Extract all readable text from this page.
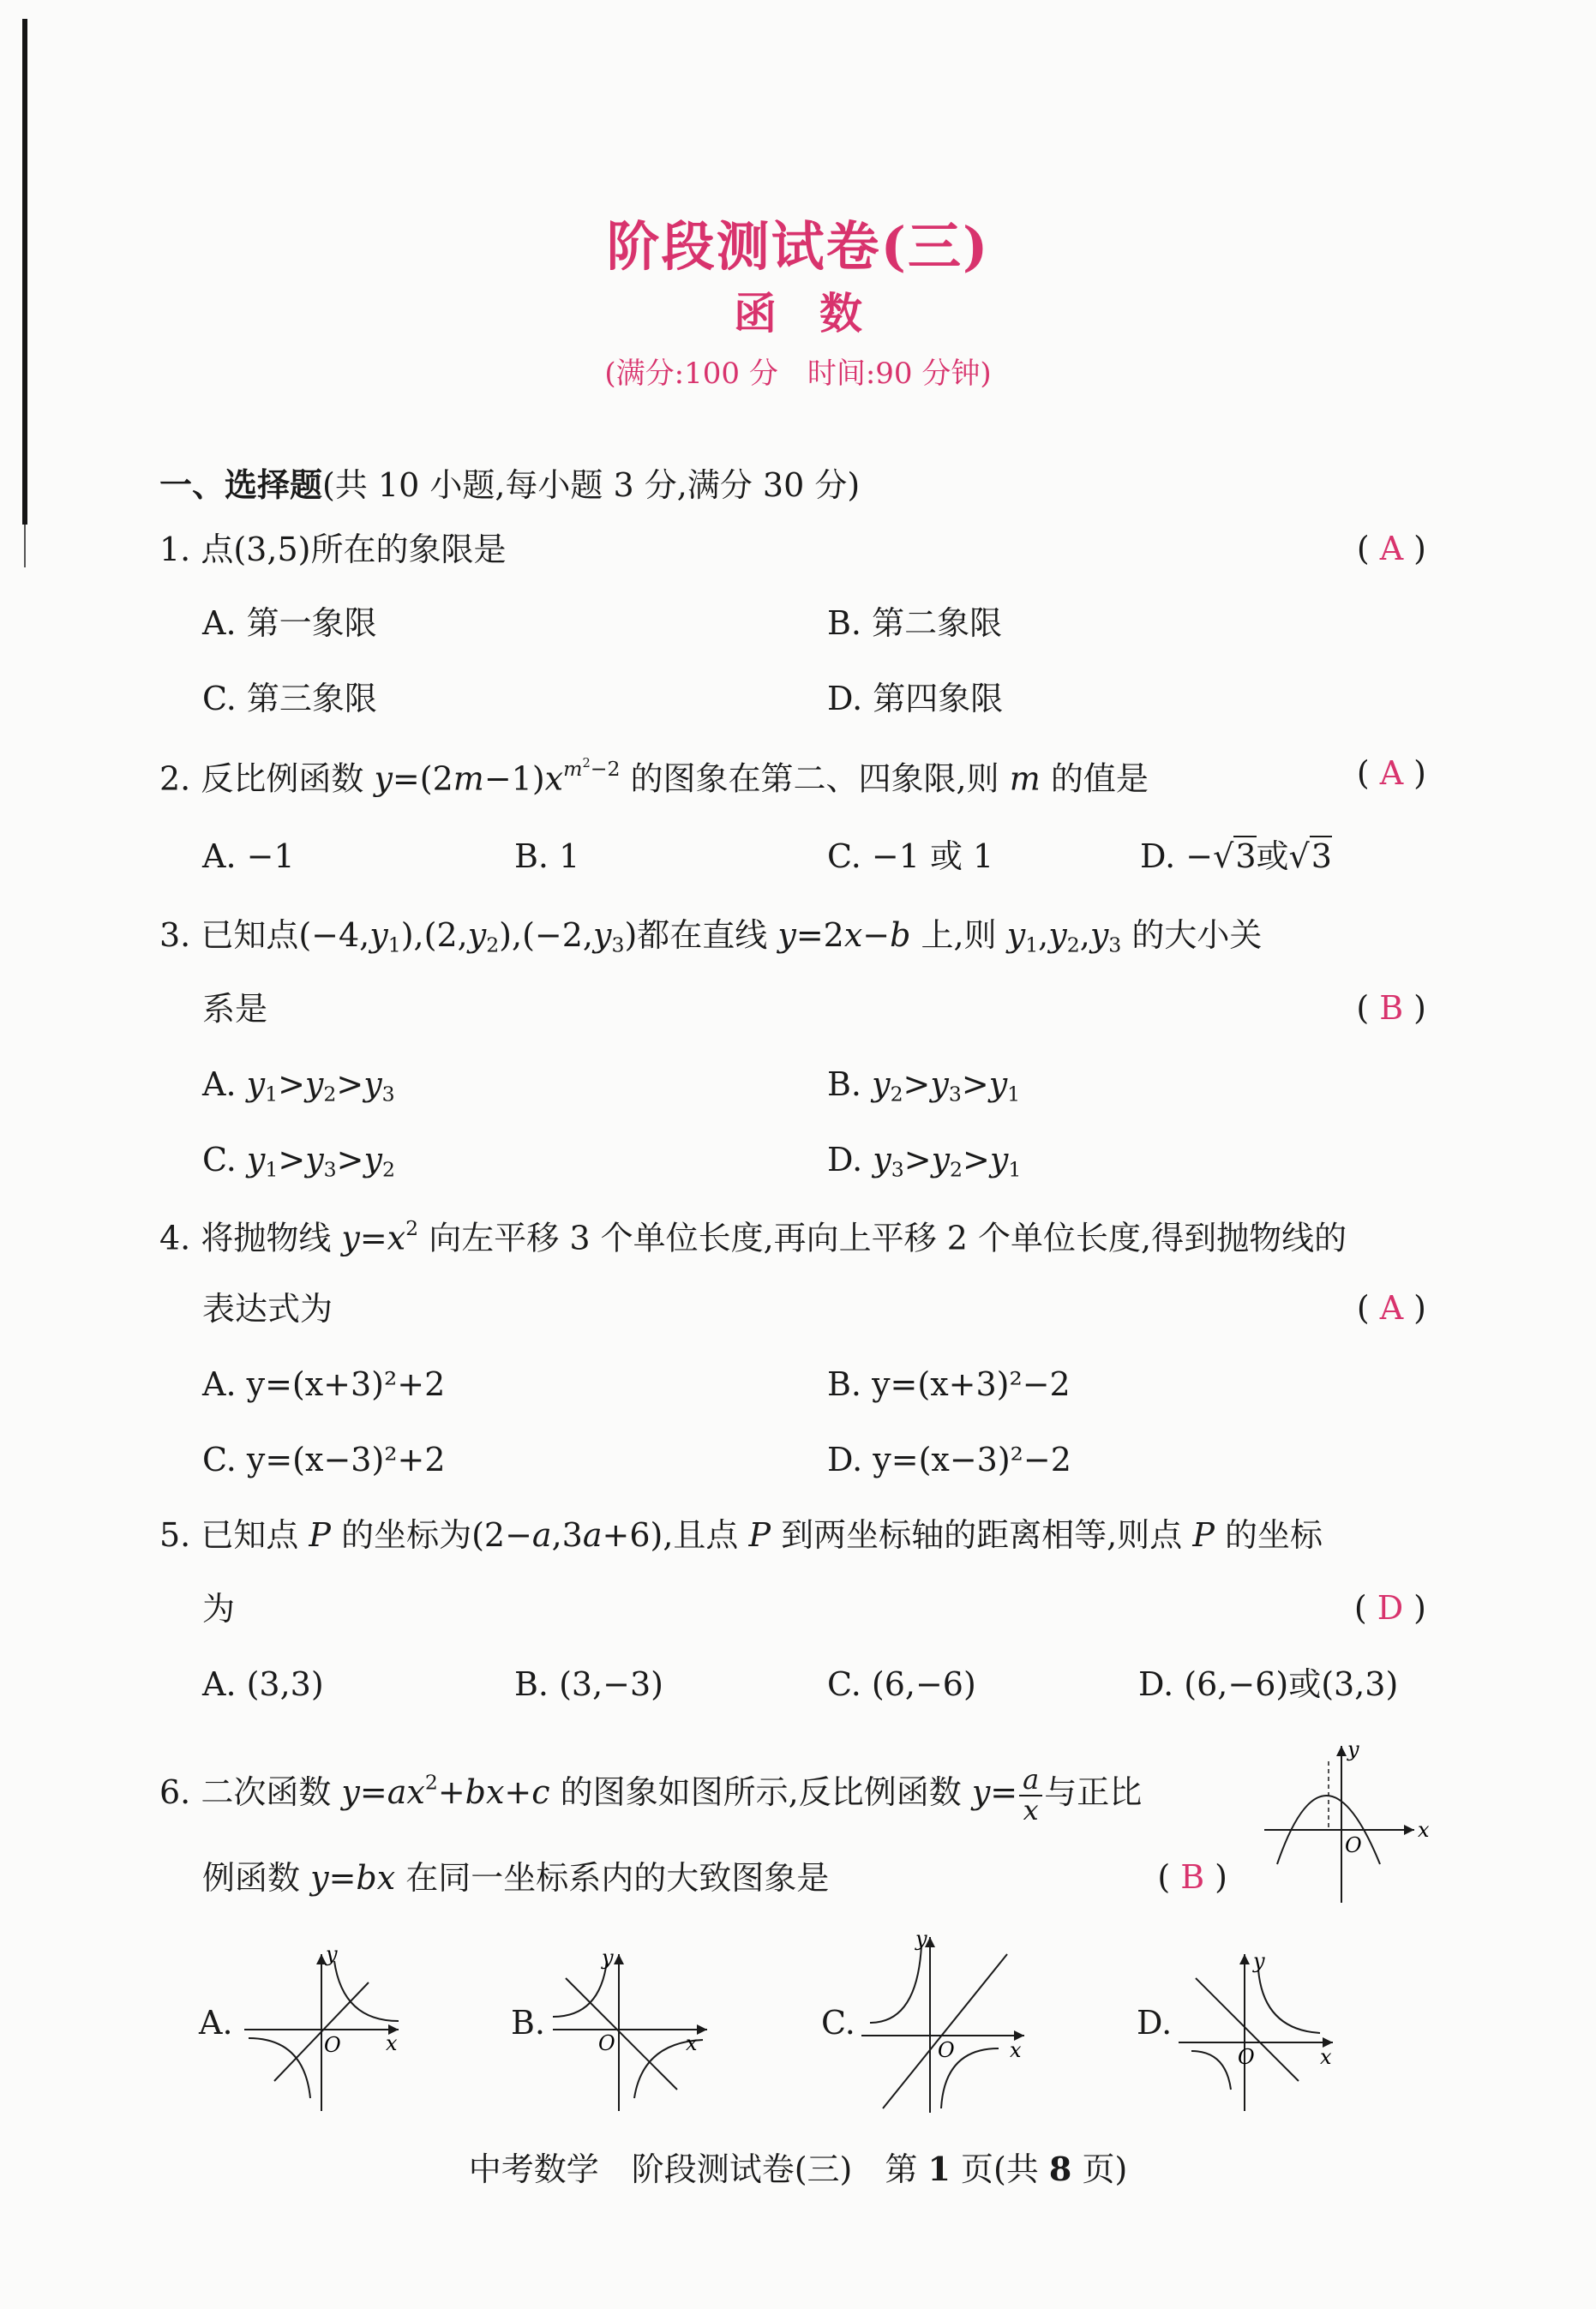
阶段测试卷(三)
函　数
(满分:100 分　时间:90 分钟)
一、选择题(共 10 小题,每小题 3 分,满分 30 分)
1. 点(3,5)所在的象限是	( A )
A. 第一象限	B. 第二象限
C. 第三象限	D. 第四象限
2. 反比例函数 $y=(2m-1)x^{m^2-2}$ 的图象在第二、四象限,则 m 的值是	( A )
A. −1	B. 1	C. −1 或 1	D. −√3或√3
3. 已知点$(-4,y_1),(2,y_2),(-2,y_3)$都在直线 y=2x−b 上,则 $y_1,y_2,y_3$ 的大小关
系是	( B )
A. $y_1>y_2>y_3$	B. $y_2>y_3>y_1$
C. $y_1>y_3>y_2$	D. $y_3>y_2>y_1$
4. 将抛物线 $y=x^2$ 向左平移 3 个单位长度,再向上平移 2 个单位长度,得到抛物线的
表达式为	( A )
A. y=(x+3)²+2	B. y=(x+3)²−2
C. y=(x−3)²+2	D. y=(x−3)²−2
5. 已知点 P 的坐标为(2−a,3a+6),且点 P 到两坐标轴的距离相等,则点 P 的坐标
为	( D )
A. (3,3)	B. (3,−3)	C. (6,−6)	D. (6,−6)或(3,3)
6. 二次函数 $y=ax^2+bx+c$ 的图象如图所示,反比例函数 $y= \frac{a}{x}$ 与正比
例函数 y=bx 在同一坐标系内的大致图象是	( B )
x
y
O
A.
x
y
O
B.
x
y
O
C.
x
y
O
D.
x
y
O
中考数学　阶段测试卷(三)　第 1 页(共 8 页)
